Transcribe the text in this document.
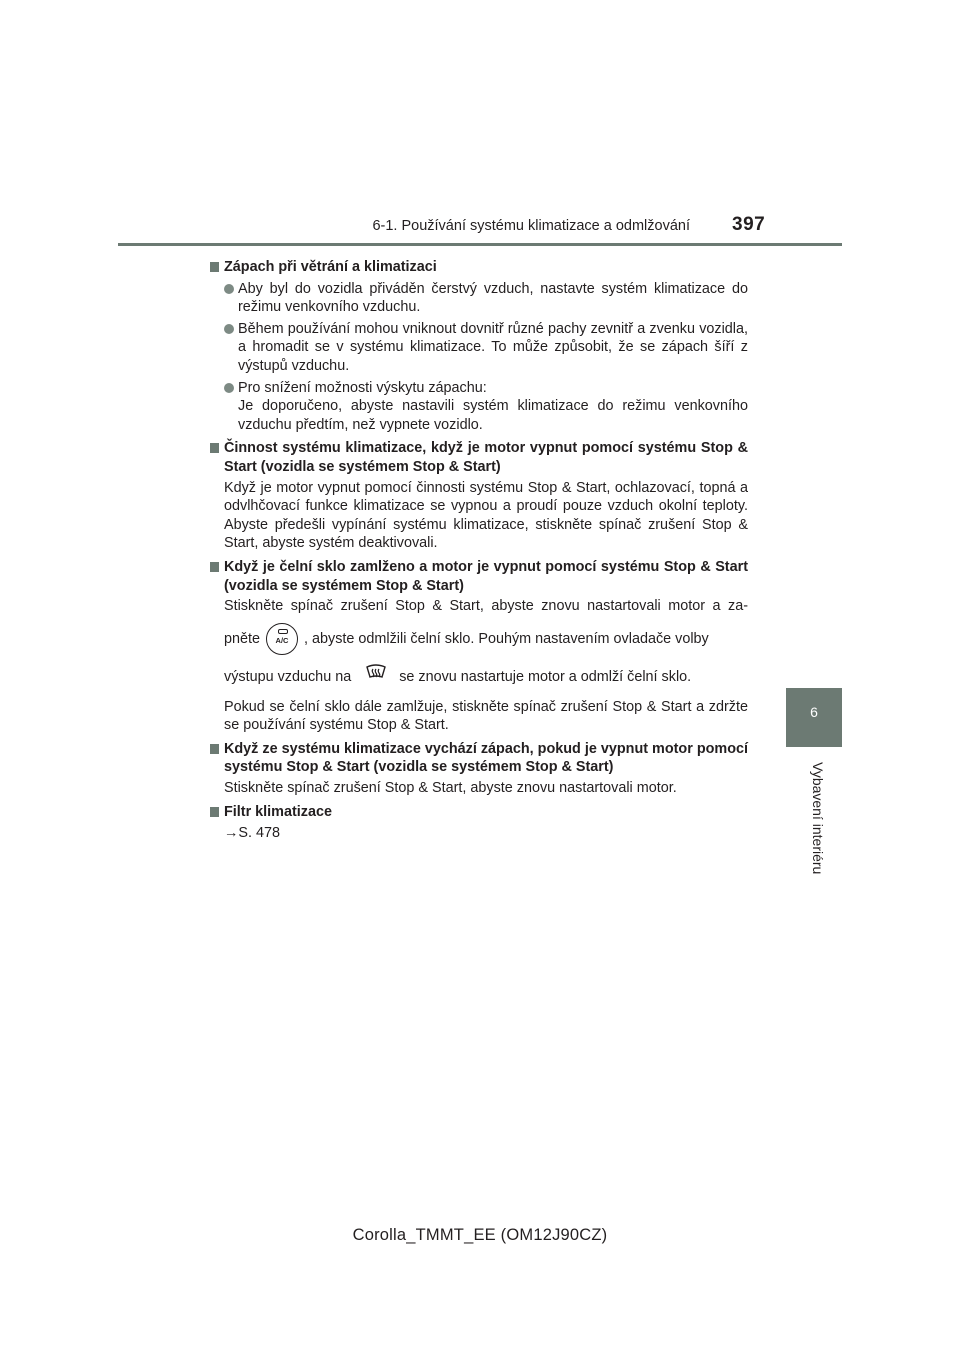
6-1. Používání systému klimatizace a odmlžování 397
6
Vybavení interiéru
Zápach při větrání a klimatizaci
Aby byl do vozidla přiváděn čerstvý vzduch, nastavte systém klimatizace do režimu venkovního vzduchu.
Během používání mohou vniknout dovnitř různé pachy zevnitř a zvenku vozidla, a hromadit se v systému klimatizace. To může způsobit, že se zápach šíří z výstupů vzduchu.
Pro snížení možnosti výskytu zápachu:
Je doporučeno, abyste nastavili systém klimatizace do režimu venkovního vzduchu předtím, než vypnete vozidlo.
Činnost systému klimatizace, když je motor vypnut pomocí systému Stop & Start (vozidla se systémem Stop & Start)
Když je motor vypnut pomocí činnosti systému Stop & Start, ochlazovací, topná a odvlhčovací funkce klimatizace se vypnou a proudí pouze vzduch okolní teploty. Abyste předešli vypínání systému klimatizace, stiskněte spínač zrušení Stop & Start, abyste systém deaktivovali.
Když je čelní sklo zamlženo a motor je vypnut pomocí systému Stop & Start (vozidla se systémem Stop & Start)
Stiskněte spínač zrušení Stop & Start, abyste znovu nastartovali motor a za-
pněte	A/C	, abyste odmlžili čelní sklo. Pouhým nastavením ovladače volby
výstupu vzduchu na	se znovu nastartuje motor a odmlží čelní sklo.
Pokud se čelní sklo dále zamlžuje, stiskněte spínač zrušení Stop & Start a zdržte se používání systému Stop & Start.
Když ze systému klimatizace vychází zápach, pokud je vypnut motor pomocí systému Stop & Start (vozidla se systémem Stop & Start)
Stiskněte spínač zrušení Stop & Start, abyste znovu nastartovali motor.
Filtr klimatizace
→S. 478
Corolla_TMMT_EE (OM12J90CZ)
